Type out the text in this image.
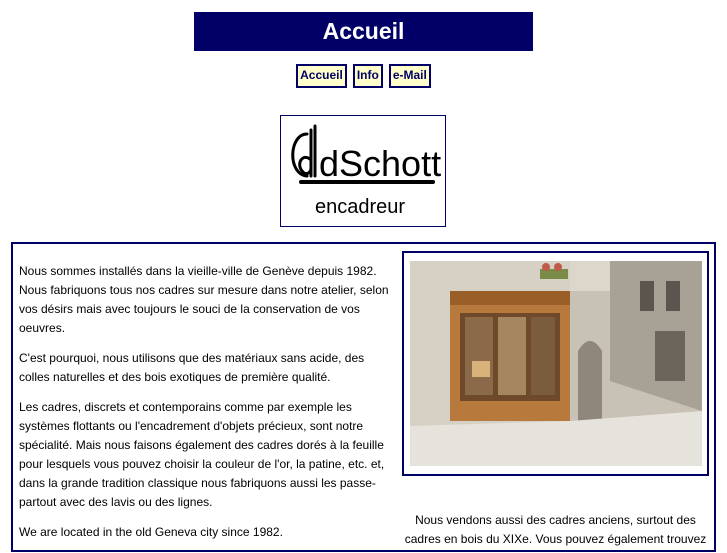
Accueil
Accueil	Info	e-Mail
dSchott
encadreur

Nous sommes installés dans la vieille-ville de Genève depuis 1982. Nous fabriquons tous nos cadres sur mesure dans notre atelier, selon vos désirs mais avec toujours le souci de la conservation de vos oeuvres.

C'est pourquoi, nous utilisons que des matériaux sans acide, des colles naturelles et des bois exotiques de première qualité.

Les cadres, discrets et contemporains comme par exemple les systèmes flottants ou l'encadrement d'objets précieux, sont notre spécialité. Mais nous faisons également des cadres dorés à la feuille pour lesquels vous pouvez choisir la couleur de l'or, la patine, etc. et, dans la grande tradition classique nous fabriquons aussi les passe-partout avec des lavis ou des lignes.

We are located in the old Geneva city since 1982.

Nous vendons aussi des cadres anciens, surtout des cadres en bois du XIXe. Vous pouvez également trouvez
